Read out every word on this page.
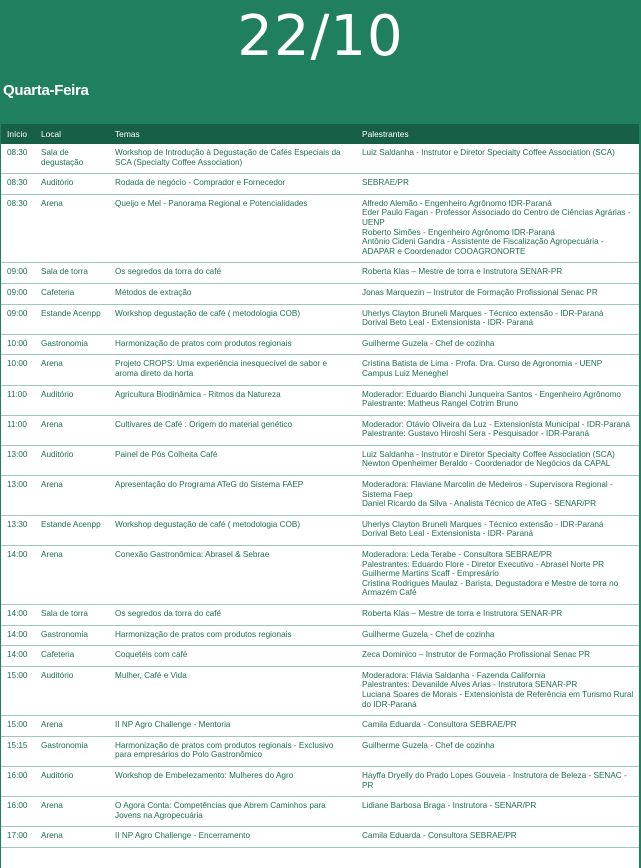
22/10
Quarta-Feira
Início	Local	Temas	Palestrantes
08:30	Sala de degustação	Workshop de Introdução à Degustação de Cafés Especiais da SCA (Specialty Coffee Association)	Luiz Saldanha - Instrutor e Diretor Specialty Coffee Association (SCA)
08:30	Auditório	Rodada de negócio - Comprador e Fornecedor	SEBRAE/PR
08:30	Arena	Queijo e Mel - Panorama Regional e Potencialidades	Alfredo Alemão - Engenheiro Agrônomo IDR-Paraná
Eder Paulo Fagan - Professor Associado do Centro de Ciências Agrárias - UENP
Roberto Simões - Engenheiro Agrônomo IDR-Paraná
Antônio Cideni Gandra - Assistente de Fiscalização Agropecuária - ADAPAR e Coordenador COOAGRONORTE
09:00	Sala de torra	Os segredos da torra do café	Roberta Klas – Mestre de torra e Instrutora SENAR-PR
09:00	Cafeteria	Métodos de extração	Jonas Marquezin – Instrutor de Formação Profissional Senac PR
09:00	Estande Acenpp	Workshop degustação de café ( metodologia COB)	Uherlys Clayton Bruneli Marques - Técnico extensão - IDR-Paraná
Dorival Beto Leal - Extensionista - IDR- Paraná
10:00	Gastronomia	Harmonização de pratos com produtos regionais	Guilherme Guzela - Chef de cozinha
10:00	Arena	Projeto CROPS: Uma experiência inesquecível de sabor e aroma direto da horta	Cristina Batista de Lima - Profa. Dra. Curso de Agronomia - UENP
Campus Luiz Meneghel
11:00	Auditório	Agricultura Biodinâmica - Ritmos da Natureza	Moderador: Eduardo Bianchi Junqueira Santos - Engenheiro Agrônomo
Palestrante: Matheus Rangel Cotrim Bruno
11:00	Arena	Cultivares de Café : Origem do material genético	Moderador: Otávio Oliveira da Luz - Extensionista Municipal - IDR-Paraná
Palestrante: Gustavo Hiroshi Sera - Pesquisador - IDR-Paraná
13:00	Auditório	Painel de Pós Colheita Café	Luiz Saldanha - Instrutor e Diretor Specialty Coffee Association (SCA)
Newton Openheimer Beraldo - Coordenador de Negócios da CAPAL
13:00	Arena	Apresentação do Programa ATeG do Sistema FAEP	Moderadora: Flaviane Marcolin de Medeiros - Supervisora Regional - Sistema Faep
Daniel Ricardo da Silva - Analista Técnico de ATeG - SENAR/PR
13:30	Estande Acenpp	Workshop degustação de café ( metodologia COB)	Uherlys Clayton Bruneli Marques - Técnico extensão - IDR-Paraná
Dorival Beto Leal - Extensionista - IDR- Paraná
14:00	Arena	Conexão Gastronômica: Abrasel & Sebrae	Moderadora: Leda Terabe - Consultora SEBRAE/PR
Palestrantes: Eduardo Flore - Diretor Executivo - Abrasel Norte PR
Guilherme Martins Scaff - Empresário
Cristina Rodrigues Maulaz - Barista, Degustadora e Mestre de torra no Armazém Café
14:00	Sala de torra	Os segredos da torra do café	Roberta Klas – Mestre de torra e Instrutora SENAR-PR
14:00	Gastronomia	Harmonização de pratos com produtos regionais	Guilherme Guzela - Chef de cozinha
14:00	Cafeteria	Coquetéis com café	Zeca Dominico – Instrutor de Formação Profissional Senac PR
15:00	Auditório	Mulher, Café e Vida	Moderadora: Flávia Saldanha - Fazenda California
Palestrantes: Devanilde Alves Arias - Instrutora SENAR-PR
Luciana Soares de Morais - Extensionista de Referência em Turismo Rural do IDR-Paraná
15:00	Arena	II NP Agro Challenge - Mentoria	Camila Eduarda - Consultora SEBRAE/PR
15:15	Gastronomia	Harmonização de pratos com produtos regionais - Exclusivo para empresários do Polo Gastronômico	Guilherme Guzela - Chef de cozinha
16:00	Auditório	Workshop de Embelezamento: Mulheres do Agro	Hayffa Dryelly do Prado Lopes Gouveia - Instrutora de Beleza - SENAC - PR
16:00	Arena	O Agora Conta: Competências que Abrem Caminhos para Jovens na Agropecuária	Lidiane Barbosa Braga - Instrutora - SENAR/PR
17:00	Arena	II NP Agro Challenge - Encerramento	Camila Eduarda - Consultora SEBRAE/PR
